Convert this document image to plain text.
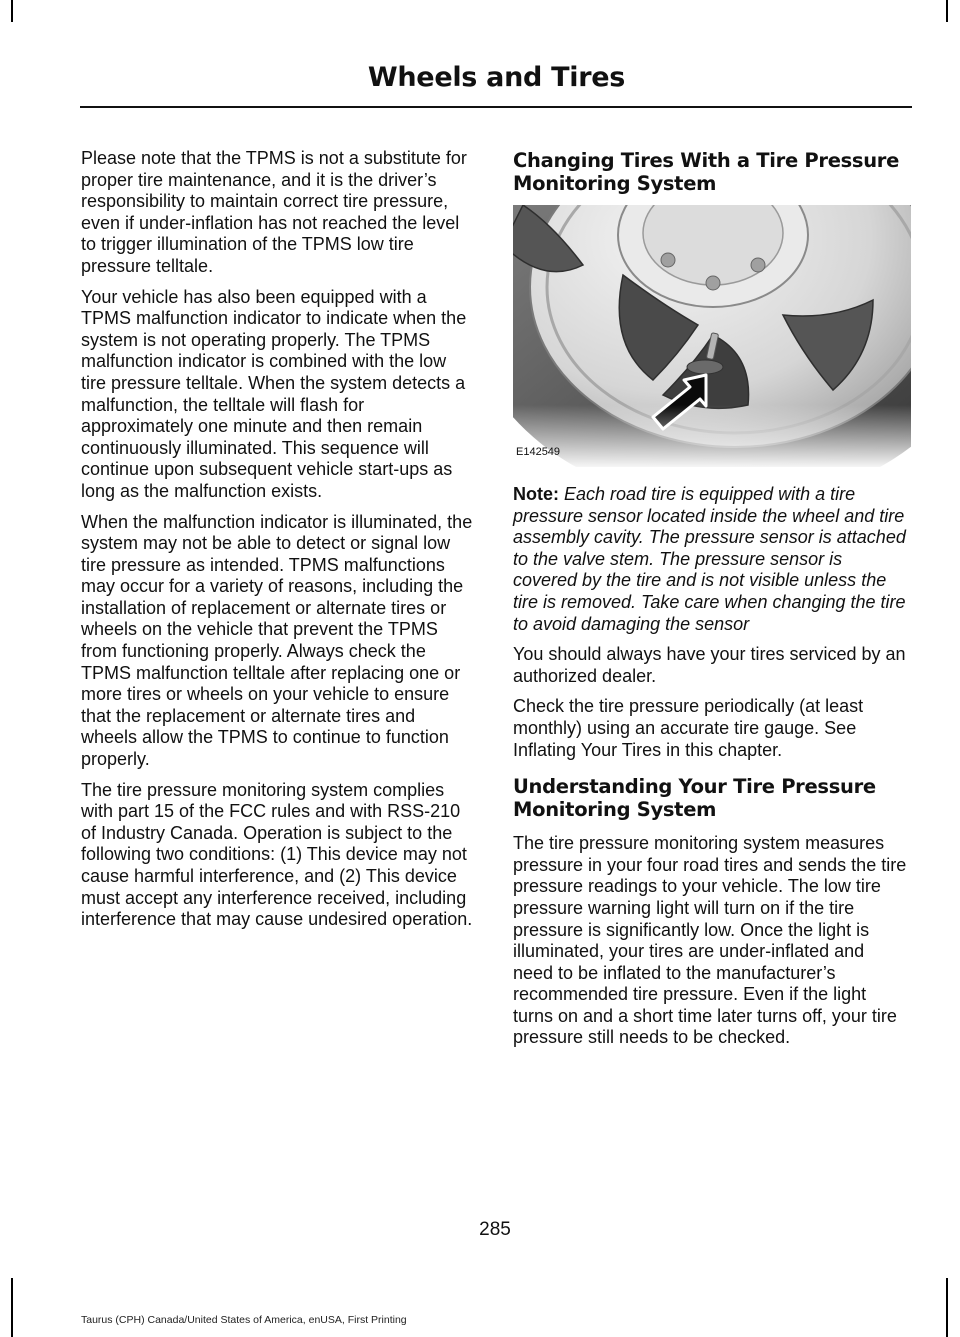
Wheels and Tires

Please note that the TPMS is not a substitute for proper tire maintenance, and it is the driver’s responsibility to maintain correct tire pressure, even if under-inflation has not reached the level to trigger illumination of the TPMS low tire pressure telltale.

Your vehicle has also been equipped with a TPMS malfunction indicator to indicate when the system is not operating properly. The TPMS malfunction indicator is combined with the low tire pressure telltale. When the system detects a malfunction, the telltale will flash for approximately one minute and then remain continuously illuminated. This sequence will continue upon subsequent vehicle start-ups as long as the malfunction exists.

When the malfunction indicator is illuminated, the system may not be able to detect or signal low tire pressure as intended. TPMS malfunctions may occur for a variety of reasons, including the installation of replacement or alternate tires or wheels on the vehicle that prevent the TPMS from functioning properly. Always check the TPMS malfunction telltale after replacing one or more tires or wheels on your vehicle to ensure that the replacement or alternate tires and wheels allow the TPMS to continue to function properly.

The tire pressure monitoring system complies with part 15 of the FCC rules and with RSS-210 of Industry Canada. Operation is subject to the following two conditions: (1) This device may not cause harmful interference, and (2) This device must accept any interference received, including interference that may cause undesired operation.

Changing Tires With a Tire Pressure Monitoring System
E142549

Note: Each road tire is equipped with a tire pressure sensor located inside the wheel and tire assembly cavity. The pressure sensor is attached to the valve stem. The pressure sensor is covered by the tire and is not visible unless the tire is removed. Take care when changing the tire to avoid damaging the sensor

You should always have your tires serviced by an authorized dealer.

Check the tire pressure periodically (at least monthly) using an accurate tire gauge. See Inflating Your Tires in this chapter.

Understanding Your Tire Pressure Monitoring System

The tire pressure monitoring system measures pressure in your four road tires and sends the tire pressure readings to your vehicle. The low tire pressure warning light will turn on if the tire pressure is significantly low. Once the light is illuminated, your tires are under-inflated and need to be inflated to the manufacturer’s recommended tire pressure. Even if the light turns on and a short time later turns off, your tire pressure still needs to be checked.

285
Taurus (CPH) Canada/United States of America, enUSA, First Printing
